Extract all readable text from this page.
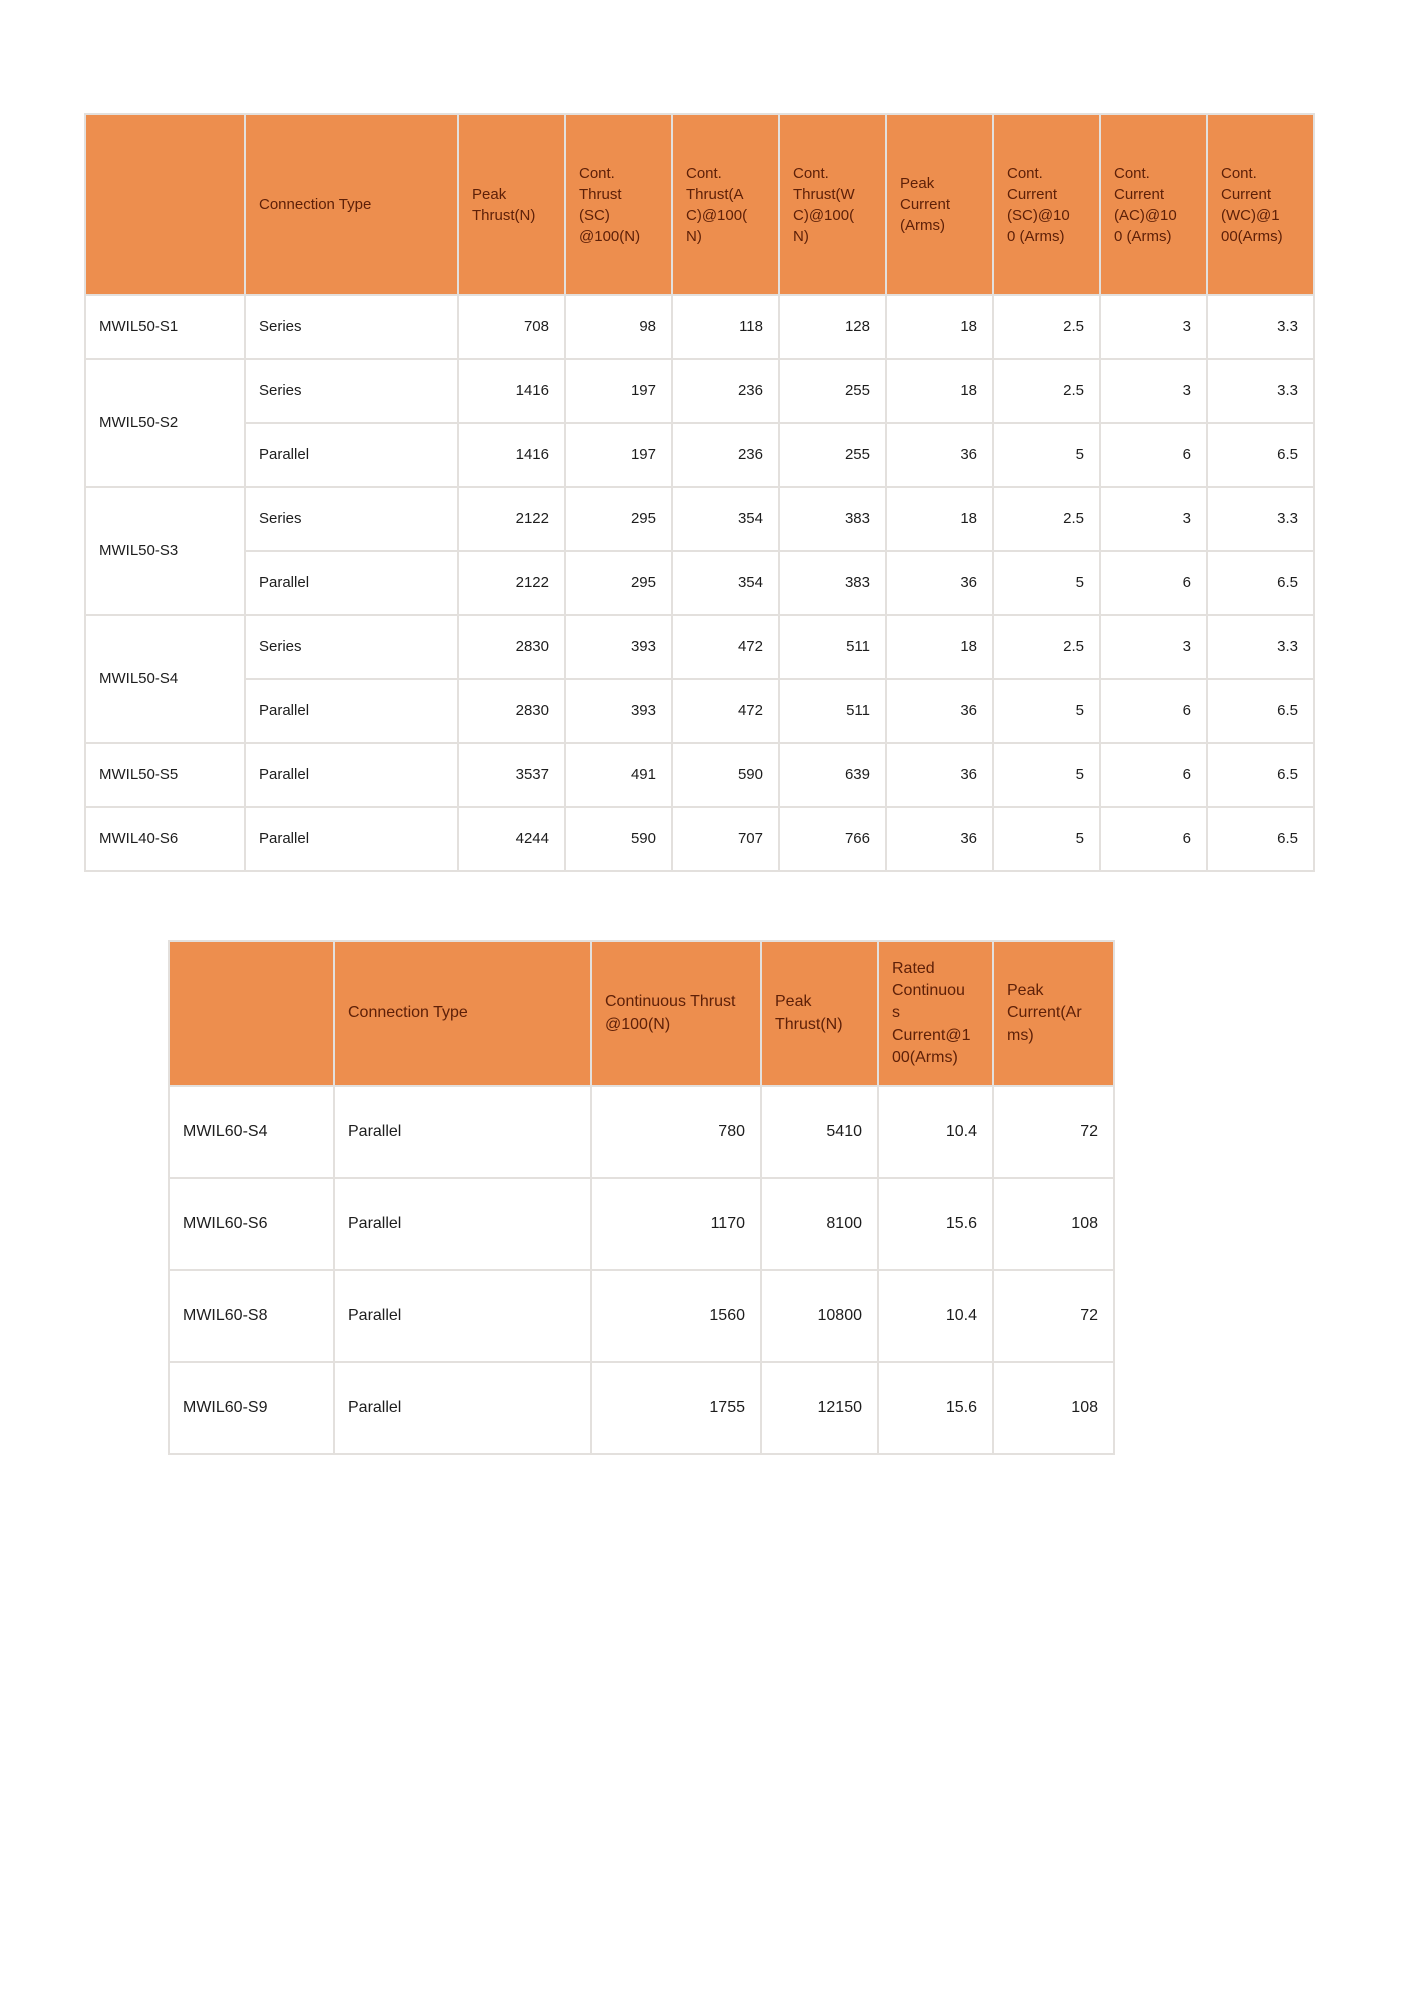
	Connection Type	Peak Thrust(N)	Cont. Thrust (SC) @100(N)	Cont. Thrust(AC)@100(N)	Cont. Thrust(WC)@100(N)	Peak Current (Arms)	Cont. Current (SC)@100 (Arms)	Cont. Current (AC)@100 (Arms)	Cont. Current (WC)@100(Arms)
MWIL50-S1	Series	708	98	118	128	18	2.5	3	3.3
MWIL50-S2	Series	1416	197	236	255	18	2.5	3	3.3
	Parallel	1416	197	236	255	36	5	6	6.5
MWIL50-S3	Series	2122	295	354	383	18	2.5	3	3.3
	Parallel	2122	295	354	383	36	5	6	6.5
MWIL50-S4	Series	2830	393	472	511	18	2.5	3	3.3
	Parallel	2830	393	472	511	36	5	6	6.5
MWIL50-S5	Parallel	3537	491	590	639	36	5	6	6.5
MWIL40-S6	Parallel	4244	590	707	766	36	5	6	6.5
	Connection Type	Continuous Thrust @100(N)	Peak Thrust(N)	Rated Continuous Current@100(Arms)	Peak Current(Arms)
MWIL60-S4	Parallel	780	5410	10.4	72
MWIL60-S6	Parallel	1170	8100	15.6	108
MWIL60-S8	Parallel	1560	10800	10.4	72
MWIL60-S9	Parallel	1755	12150	15.6	108
